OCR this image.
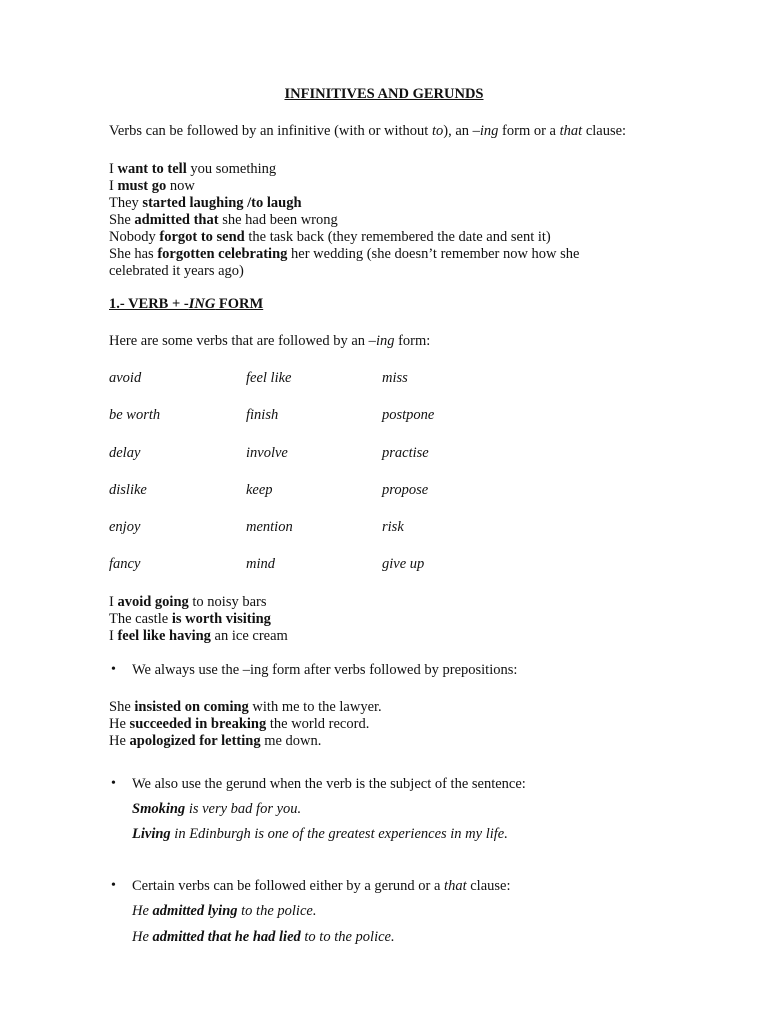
INFINITIVES AND GERUNDS
Verbs can be followed by an infinitive (with or without to), an –ing form or a that clause:
I want to tell you something
I must go now
They started laughing /to laugh
She admitted that she had been wrong
Nobody forgot to send the task back (they remembered the date and sent it)
She has forgotten celebrating her wedding (she doesn’t remember now how she
celebrated it years ago)
1.- VERB + -ING FORM
Here are some verbs that are followed by an –ing form:
avoid	feel like	miss
be worth	finish	postpone
delay	involve	practise
dislike	keep	propose
enjoy	mention	risk
fancy	mind	give up
I avoid going to noisy bars
The castle is worth visiting
I feel like having an ice cream
• We always use the –ing form after verbs followed by prepositions:
She insisted on coming with me to the lawyer.
He succeeded in breaking the world record.
He apologized for letting me down.
• We also use the gerund when the verb is the subject of the sentence:
Smoking is very bad for you.
Living in Edinburgh is one of the greatest experiences in my life.
• Certain verbs can be followed either by a gerund or a that clause:
He admitted lying to the police.
He admitted that he had lied to to the police.
